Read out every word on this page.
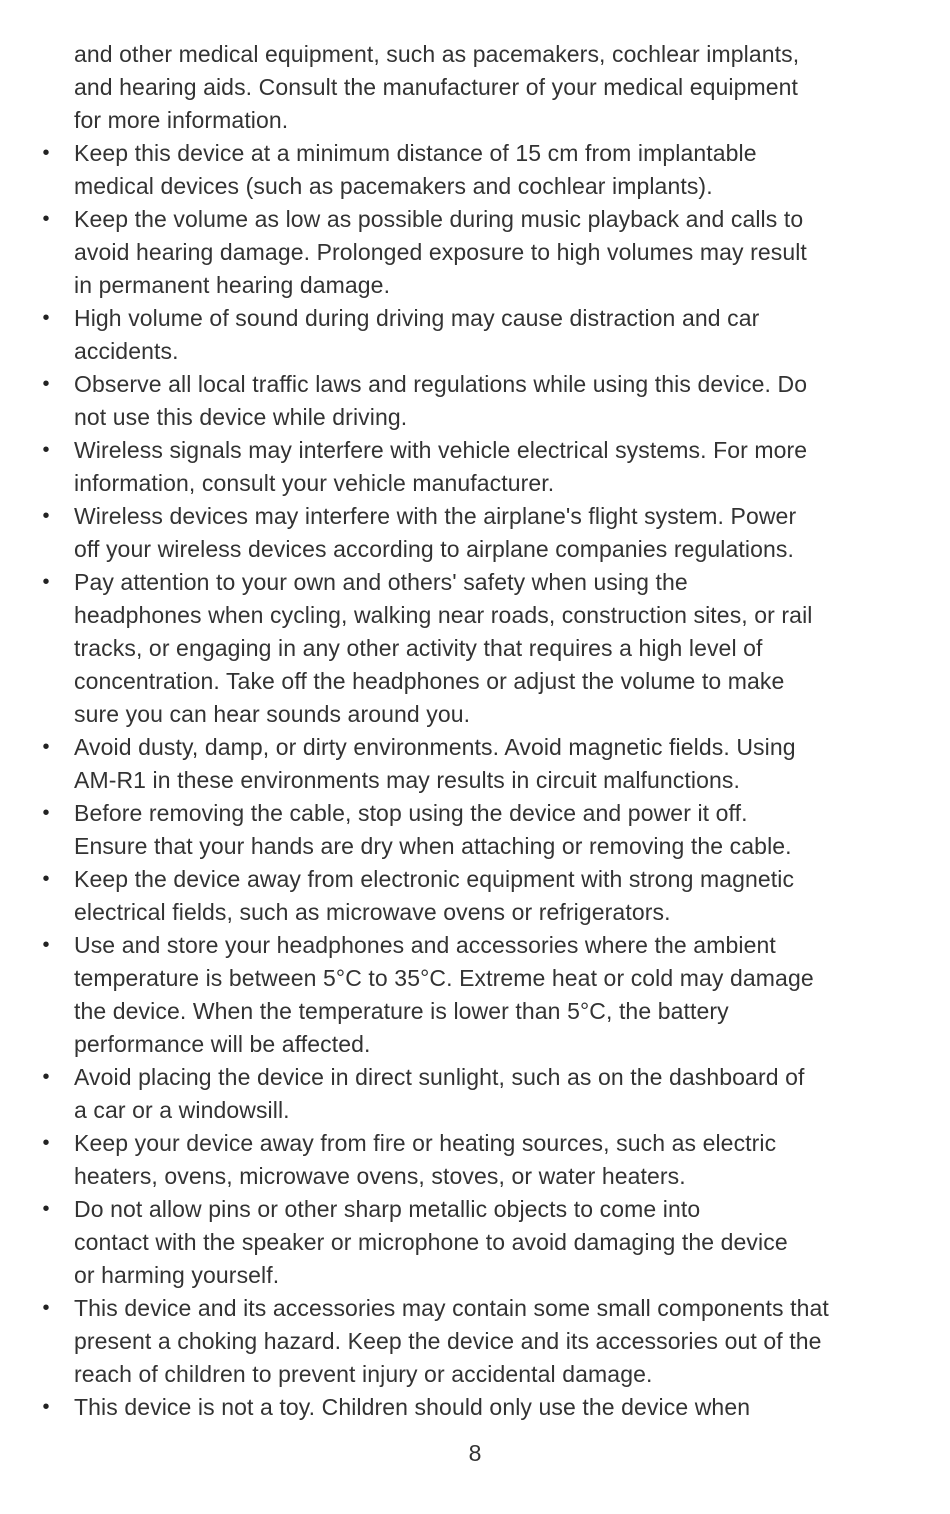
and other medical equipment, such as pacemakers, cochlear implants,
and hearing aids. Consult the manufacturer of your medical equipment
for more information.
• Keep this device at a minimum distance of 15 cm from implantable
medical devices (such as pacemakers and cochlear implants).
• Keep the volume as low as possible during music playback and calls to
avoid hearing damage. Prolonged exposure to high volumes may result
in permanent hearing damage.
• High volume of sound during driving may cause distraction and car
accidents.
• Observe all local traffic laws and regulations while using this device. Do
not use this device while driving.
• Wireless signals may interfere with vehicle electrical systems. For more
information, consult your vehicle manufacturer.
• Wireless devices may interfere with the airplane's flight system. Power
off your wireless devices according to airplane companies regulations.
• Pay attention to your own and others' safety when using the
headphones when cycling, walking near roads, construction sites, or rail
tracks, or engaging in any other activity that requires a high level of
concentration. Take off the headphones or adjust the volume to make
sure you can hear sounds around you.
• Avoid dusty, damp, or dirty environments. Avoid magnetic fields. Using
AM-R1 in these environments may results in circuit malfunctions.
• Before removing the cable, stop using the device and power it off.
Ensure that your hands are dry when attaching or removing the cable.
• Keep the device away from electronic equipment with strong magnetic
electrical fields, such as microwave ovens or refrigerators.
• Use and store your headphones and accessories where the ambient
temperature is between 5°C to 35°C. Extreme heat or cold may damage
the device. When the temperature is lower than 5°C, the battery
performance will be affected.
• Avoid placing the device in direct sunlight, such as on the dashboard of
a car or a windowsill.
• Keep your device away from fire or heating sources, such as electric
heaters, ovens, microwave ovens, stoves, or water heaters.
• Do not allow pins or other sharp metallic objects to come into
contact with the speaker or microphone to avoid damaging the device
or harming yourself.
• This device and its accessories may contain some small components that
present a choking hazard. Keep the device and its accessories out of the
reach of children to prevent injury or accidental damage.
• This device is not a toy. Children should only use the device when
8
